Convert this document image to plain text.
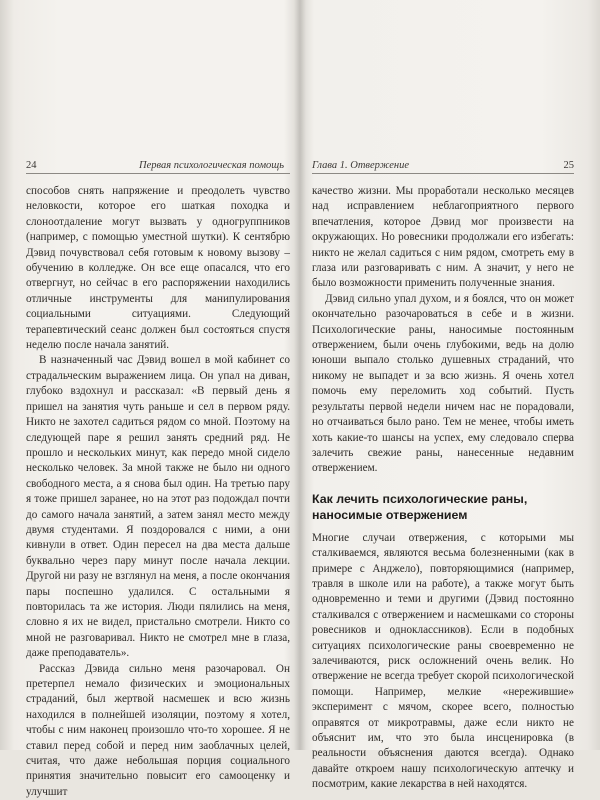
24	Первая психологическая помощь

способов снять напряжение и преодолеть чувство неловкости, которое его шаткая походка и слоноотдаление могут вызвать у одногруппников (например, с помощью уместной шутки). К сентябрю Дэвид почувствовал себя готовым к новому вызову – обучению в колледже. Он все еще опасался, что его отвергнут, но сейчас в его распоряжении находились отличные инструменты для манипулирования социальными ситуациями. Следующий терапевтический сеанс должен был состояться спустя неделю после начала занятий.

В назначенный час Дэвид вошел в мой кабинет со страдальческим выражением лица. Он упал на диван, глубоко вздохнул и рассказал: «В первый день я пришел на занятия чуть раньше и сел в первом ряду. Никто не захотел садиться рядом со мной. Поэтому на следующей паре я решил занять средний ряд. Не прошло и нескольких минут, как передо мной сидело несколько человек. За мной также не было ни одного свободного места, а я снова был один. На третью пару я тоже пришел заранее, но на этот раз подождал почти до самого начала занятий, а затем занял место между двумя студентами. Я поздоровался с ними, а они кивнули в ответ. Один пересел на два места дальше буквально через пару минут после начала лекции. Другой ни разу не взглянул на меня, а после окончания пары поспешно удалился. С остальными я повторилась та же история. Люди пялились на меня, словно я их не видел, пристально смотрели. Никто со мной не разговаривал. Никто не смотрел мне в глаза, даже преподаватель».

Рассказ Дэвида сильно меня разочаровал. Он претерпел немало физических и эмоциональных страданий, был жертвой насмешек и всю жизнь находился в полнейшей изоляции, поэтому я хотел, чтобы с ним наконец произошло что-то хорошее. Я не ставил перед собой и перед ним заоблачных целей, считая, что даже небольшая порция социального принятия значительно повысит его самооценку и улучшит

Глава 1. Отвержение	25

качество жизни. Мы проработали несколько месяцев над исправлением неблагоприятного первого впечатления, которое Дэвид мог произвести на окружающих. Но ровесники продолжали его избегать: никто не желал садиться с ним рядом, смотреть ему в глаза или разговаривать с ним. А значит, у него не было возможности применить полученные знания.

Дэвид сильно упал духом, и я боялся, что он может окончательно разочароваться в себе и в жизни. Психологические раны, наносимые постоянным отвержением, были очень глубокими, ведь на долю юноши выпало столько душевных страданий, что никому не выпадет и за всю жизнь. Я очень хотел помочь ему переломить ход событий. Пусть результаты первой недели ничем нас не порадовали, но отчаиваться было рано. Тем не менее, чтобы иметь хоть какие-то шансы на успех, ему следовало сперва залечить свежие раны, нанесенные недавним отвержением.

Как лечить психологические раны, наносимые отвержением

Многие случаи отвержения, с которыми мы сталкиваемся, являются весьма болезненными (как в примере с Анджело), повторяющимися (например, травля в школе или на работе), а также могут быть одновременно и теми и другими (Дэвид постоянно сталкивался с отвержением и насмешками со стороны ровесников и одноклассников). Если в подобных ситуациях психологические раны своевременно не залечиваются, риск осложнений очень велик. Но отвержение не всегда требует скорой психологической помощи. Например, мелкие «нережившие» эксперимент с мячом, скорее всего, полностью оправятся от микротравмы, даже если никто не объяснит им, что это была инсценировка (в реальности объяснения даются всегда). Однако давайте откроем нашу психологическую аптечку и посмотрим, какие лекарства в ней находятся.
